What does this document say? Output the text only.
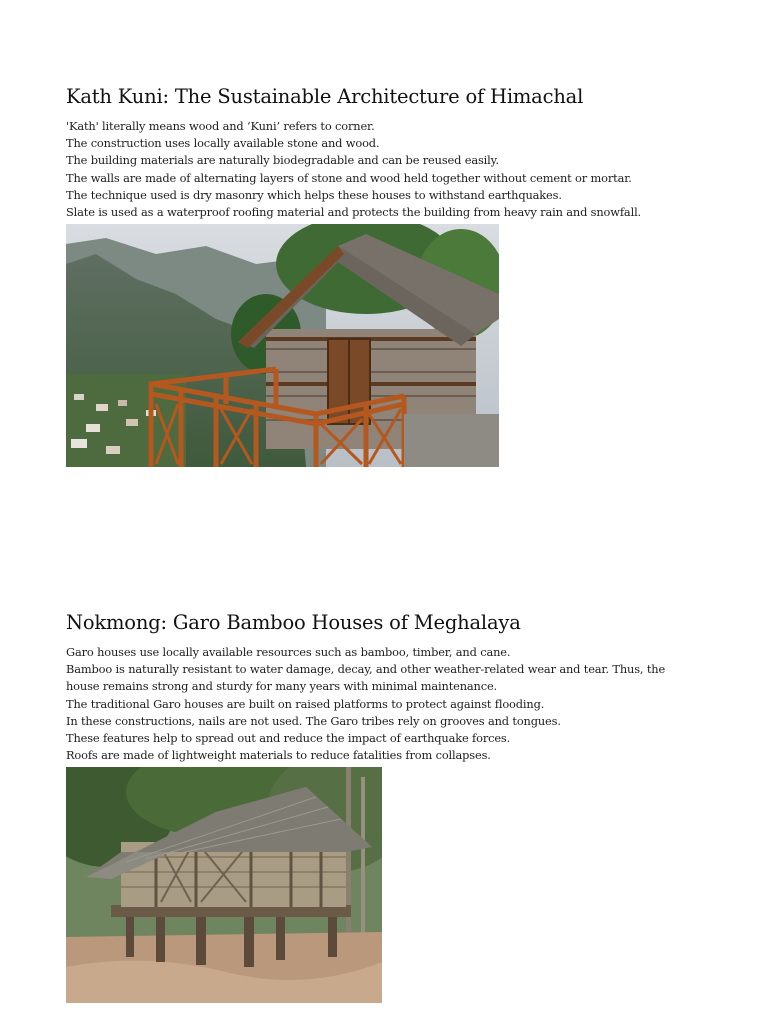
Kath Kuni: The Sustainable Architecture of Himachal
'Kath' literally means wood and ‘Kuni’ refers to corner.
The construction uses locally available stone and wood.
The building materials are naturally biodegradable and can be reused easily.
The walls are made of alternating layers of stone and wood held together without cement or mortar.
The technique used is dry masonry which helps these houses to withstand earthquakes.
Slate is used as a waterproof roofing material and protects the building from heavy rain and snowfall.
Nokmong: Garo Bamboo Houses of Meghalaya
Garo houses use locally available resources such as bamboo, timber, and cane.
Bamboo is naturally resistant to water damage, decay, and other weather-related wear and tear. Thus, the house remains strong and sturdy for many years with minimal maintenance.
The traditional Garo houses are built on raised platforms to protect against flooding.
In these constructions, nails are not used. The Garo tribes rely on grooves and tongues.
These features help to spread out and reduce the impact of earthquake forces.
Roofs are made of lightweight materials to reduce fatalities from collapses.
